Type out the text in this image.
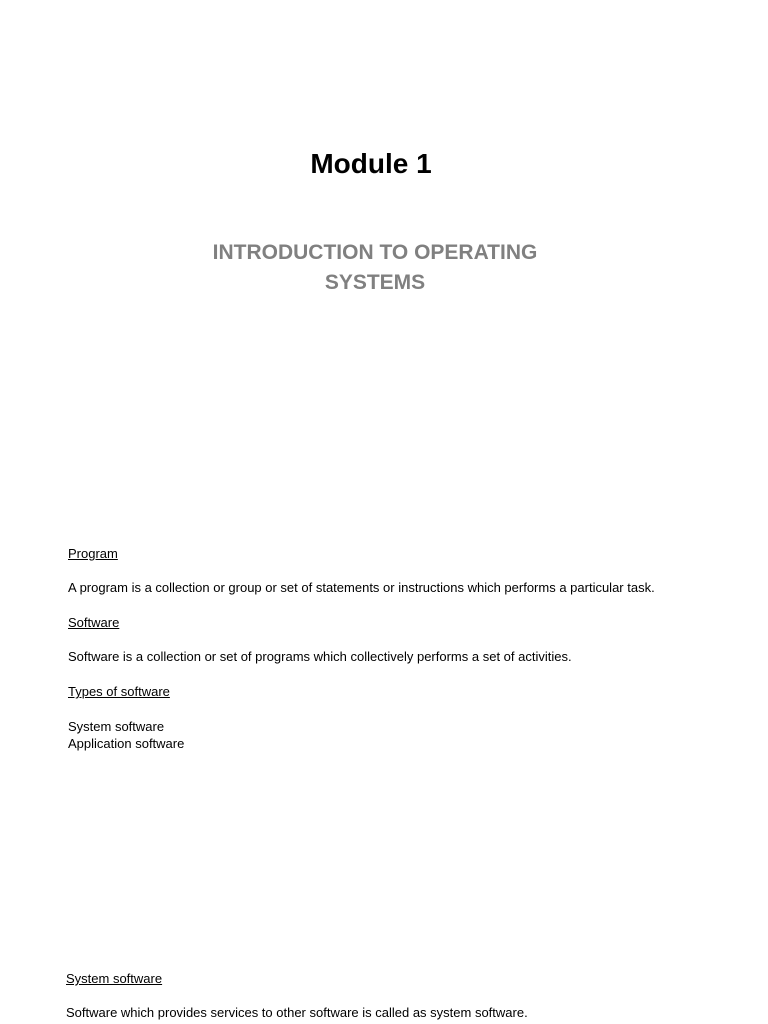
Module 1
INTRODUCTION TO OPERATING
SYSTEMS

Program

A program is a collection or group or set of statements or instructions which performs a particular task.

Software

Software is a collection or set of programs which collectively performs a set of activities.

Types of software

System software

Application software

System software

Software which provides services to other software is called as system software.
